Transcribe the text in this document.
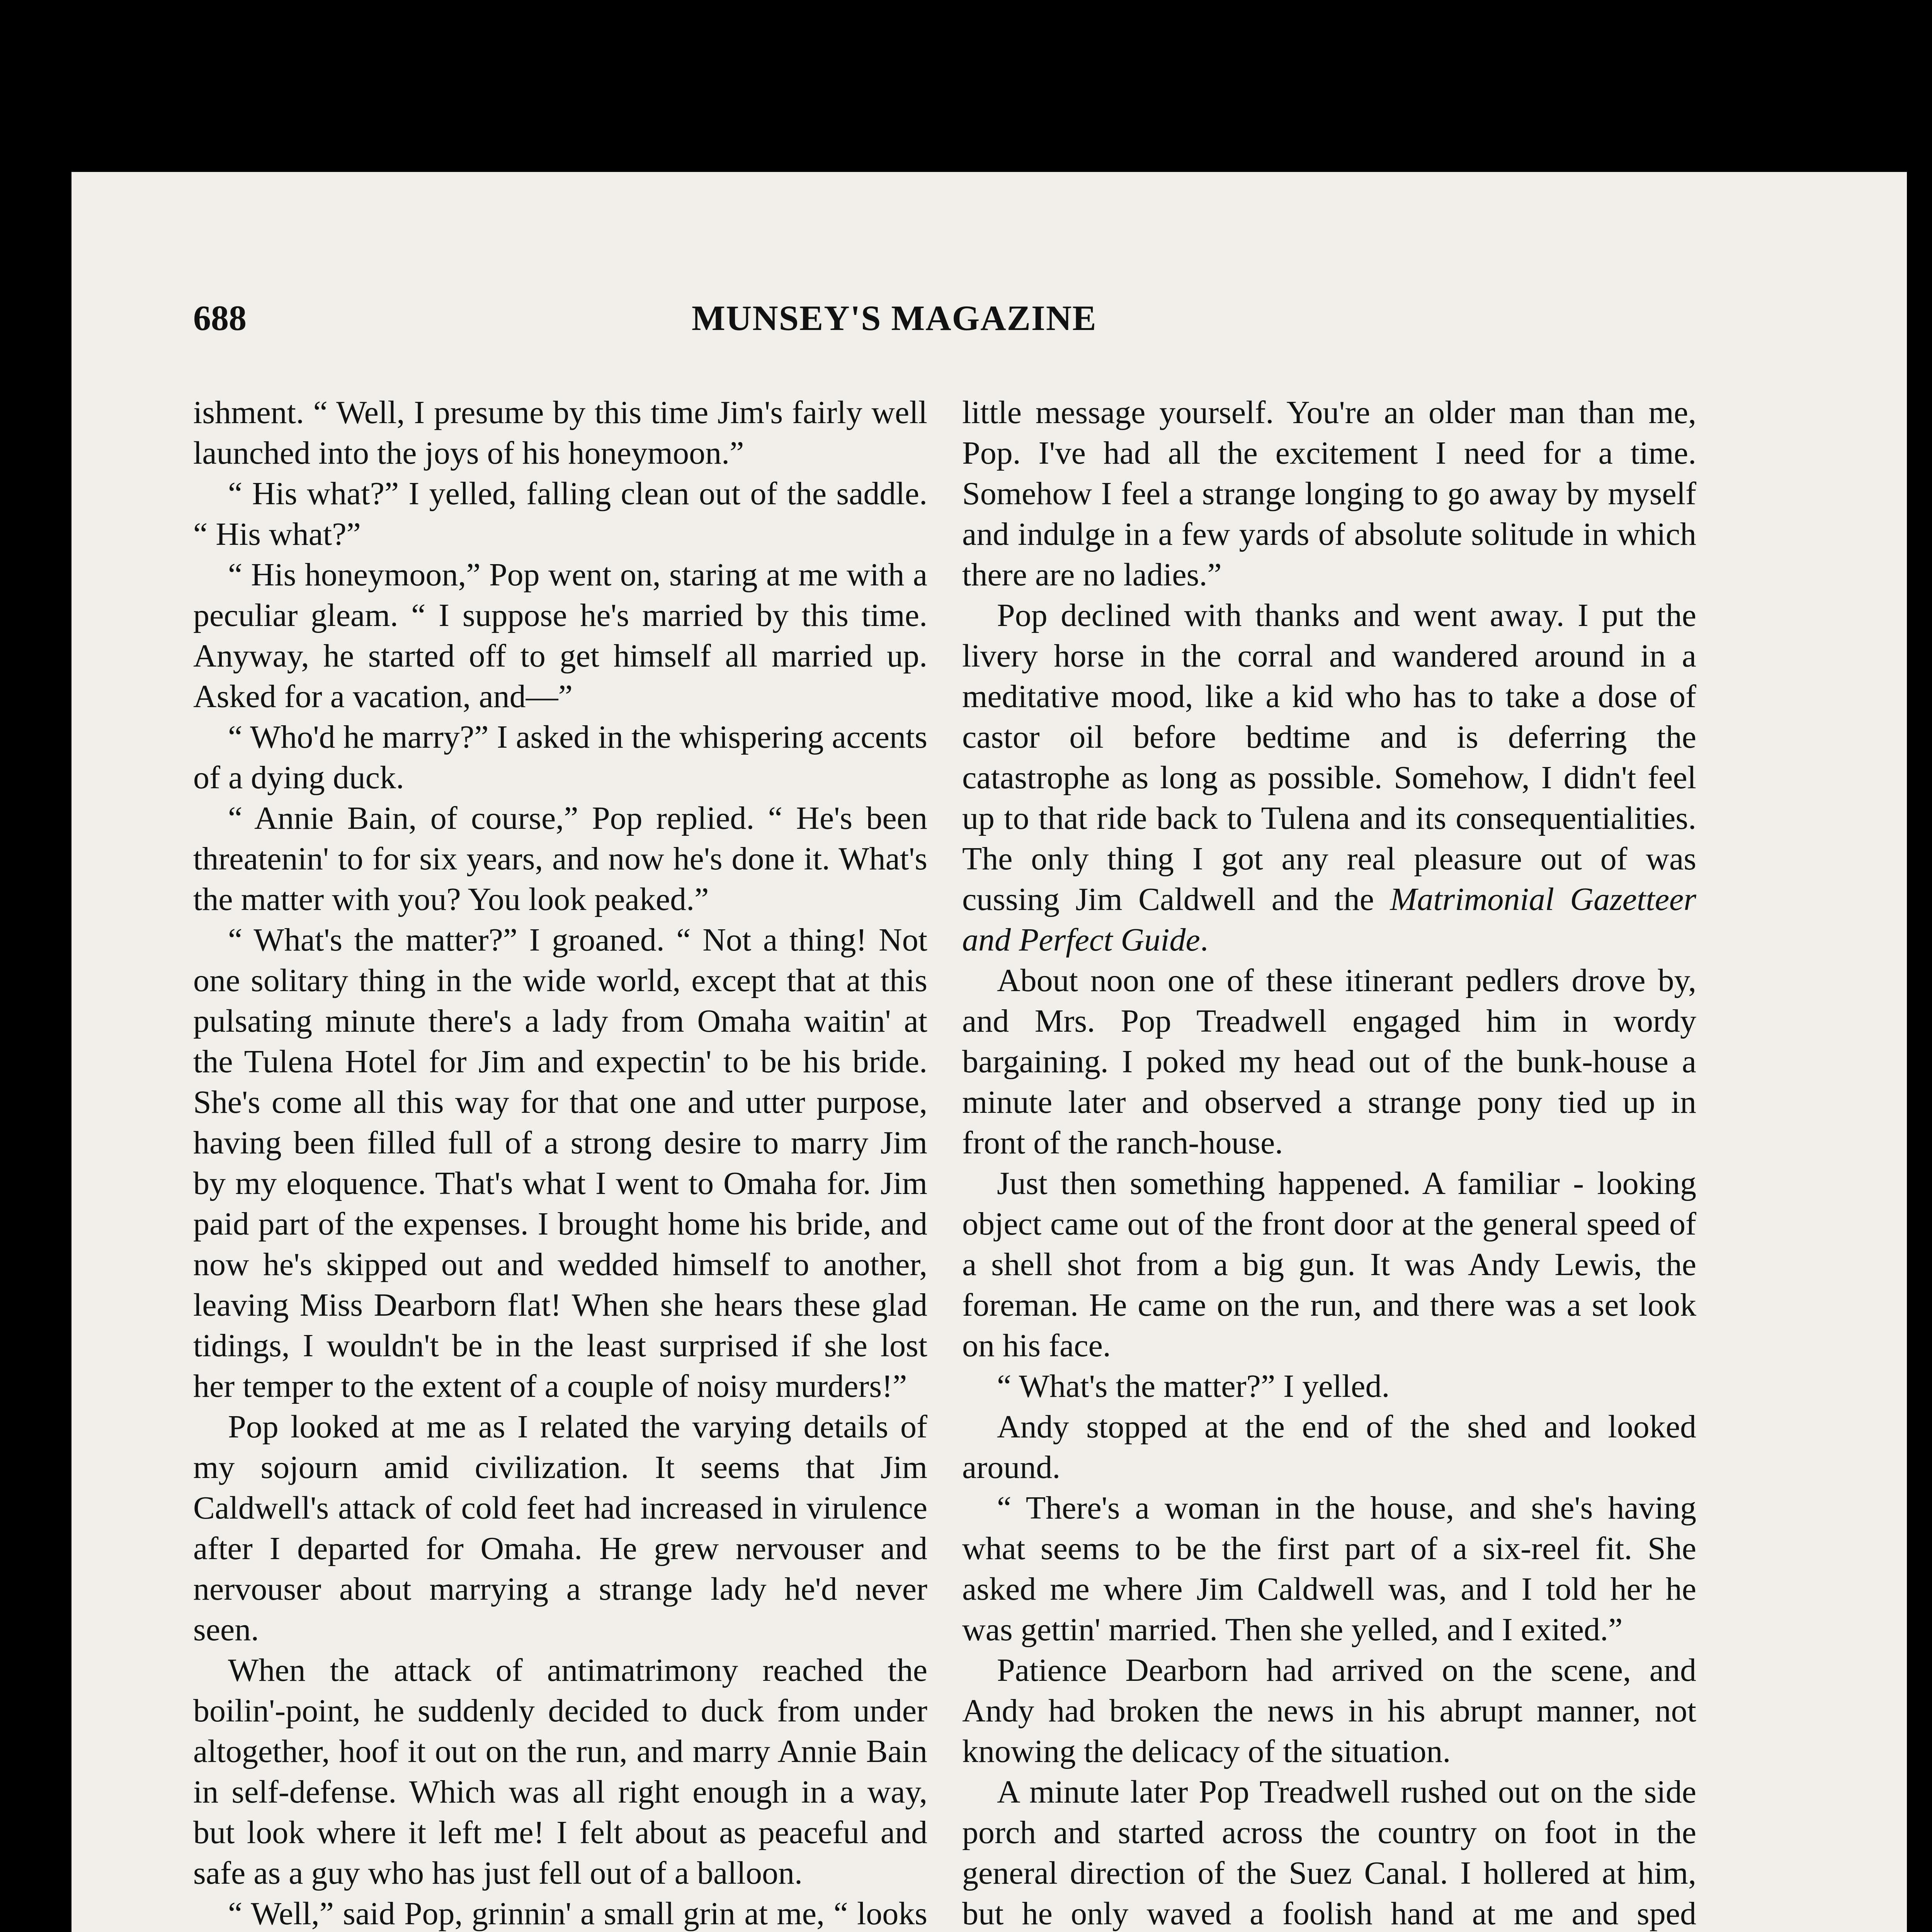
688	MUNSEY'S MAGAZINE

ishment. “ Well, I presume by this time Jim's fairly well launched into the joys of his honeymoon.”

“ His what?” I yelled, falling clean out of the saddle. “ His what?”

“ His honeymoon,” Pop went on, staring at me with a peculiar gleam. “ I suppose he's married by this time. Anyway, he started off to get himself all married up. Asked for a vacation, and—”

“ Who'd he marry?” I asked in the whispering accents of a dying duck.

“ Annie Bain, of course,” Pop replied. “ He's been threatenin' to for six years, and now he's done it. What's the matter with you? You look peaked.”

“ What's the matter?” I groaned. “ Not a thing! Not one solitary thing in the wide world, except that at this pulsating minute there's a lady from Omaha waitin' at the Tulena Hotel for Jim and expectin' to be his bride. She's come all this way for that one and utter purpose, having been filled full of a strong desire to marry Jim by my eloquence. That's what I went to Omaha for. Jim paid part of the expenses. I brought home his bride, and now he's skipped out and wedded himself to another, leaving Miss Dearborn flat! When she hears these glad tidings, I wouldn't be in the least surprised if she lost her temper to the extent of a couple of noisy murders!”

Pop looked at me as I related the varying details of my sojourn amid civilization. It seems that Jim Caldwell's attack of cold feet had increased in virulence after I departed for Omaha. He grew nervouser and nervouser about marrying a strange lady he'd never seen.

When the attack of antimatrimony reached the boilin'-point, he suddenly decided to duck from under altogether, hoof it out on the run, and marry Annie Bain in self-defense. Which was all right enough in a way, but look where it left me! I felt about as peaceful and safe as a guy who has just fell out of a balloon.

“ Well,” said Pop, grinnin' a small grin at me, “ looks

little message yourself. You're an older man than me, Pop. I've had all the excitement I need for a time. Somehow I feel a strange longing to go away by myself and indulge in a few yards of absolute solitude in which there are no ladies.”

Pop declined with thanks and went away. I put the livery horse in the corral and wandered around in a meditative mood, like a kid who has to take a dose of castor oil before bedtime and is deferring the catastrophe as long as possible. Somehow, I didn't feel up to that ride back to Tulena and its consequentialities. The only thing I got any real pleasure out of was cussing Jim Caldwell and the Matrimonial Gazetteer and Perfect Guide.

About noon one of these itinerant pedlers drove by, and Mrs. Pop Treadwell engaged him in wordy bargaining. I poked my head out of the bunk-house a minute later and observed a strange pony tied up in front of the ranch-house.

Just then something happened. A familiar - looking object came out of the front door at the general speed of a shell shot from a big gun. It was Andy Lewis, the foreman. He came on the run, and there was a set look on his face.

“ What's the matter?” I yelled.

Andy stopped at the end of the shed and looked around.

“ There's a woman in the house, and she's having what seems to be the first part of a six-reel fit. She asked me where Jim Caldwell was, and I told her he was gettin' married. Then she yelled, and I exited.”

Patience Dearborn had arrived on the scene, and Andy had broken the news in his abrupt manner, not knowing the delicacy of the situation.

A minute later Pop Treadwell rushed out on the side porch and started across the country on foot in the general direction of the Suez Canal. I hollered at him, but he only waved a foolish hand at me and sped
